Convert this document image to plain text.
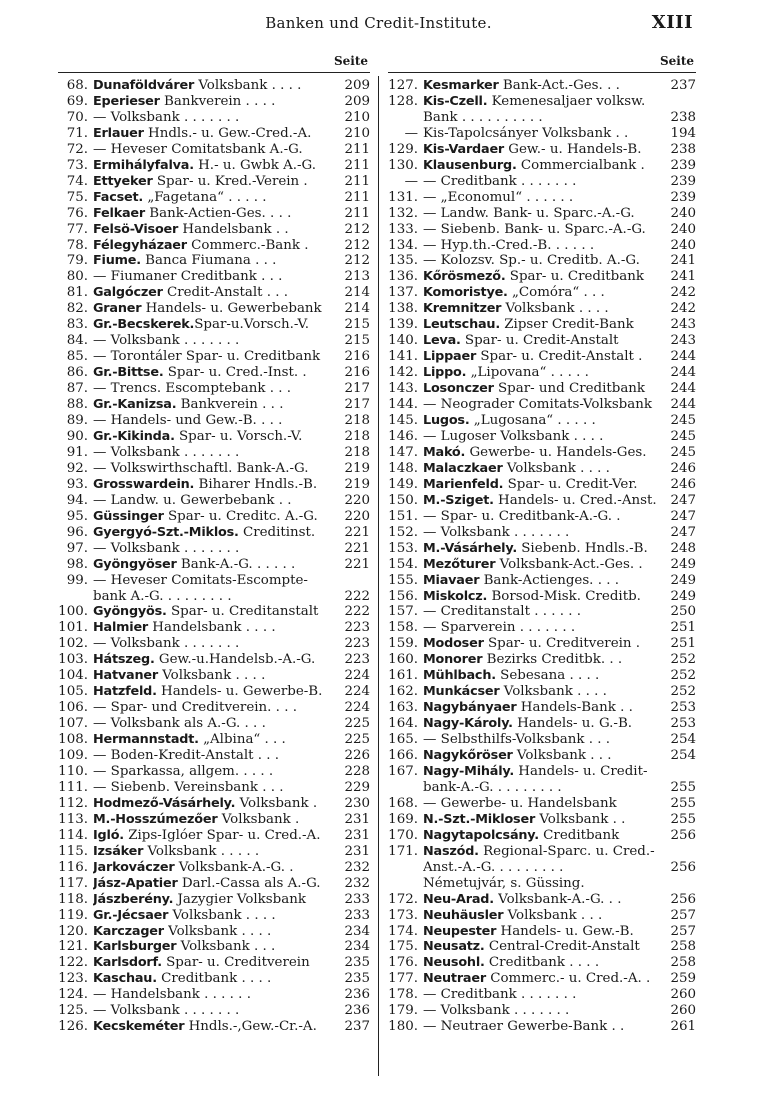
Banken und Credit-Institute.	XIII
Seite
68. Dunaföldvárer Volksbank . . . .	209
69. Eperieser Bankverein . . . .	209
70. — Volksbank . . . . . . .	210
71. Erlauer Hndls.- u. Gew.-Cred.-A.	210
72. — Heveser Comitatsbank A.-G.	211
73. Ermihályfalva. H.- u. Gwbk A.-G.	211
74. Ettyeker Spar- u. Kred.-Verein .	211
75. Facset. „Fagetana“ . . . . .	211
76. Felkaer Bank-Actien-Ges. . . .	211
77. Felsö-Visoer Handelsbank . .	212
78. Félegyházaer Commerc.-Bank .	212
79. Fiume. Banca Fiumana . . .	212
80. — Fiumaner Creditbank . . .	213
81. Galgóczer Credit-Anstalt . . .	214
82. Graner Handels- u. Gewerbebank	214
83. Gr.-Becskerek.Spar-u.Vorsch.-V.	215
84. — Volksbank . . . . . . .	215
85. — Torontáler Spar- u. Creditbank	216
86. Gr.-Bittse. Spar- u. Cred.-Inst. .	216
87. — Trencs. Escomptebank . . .	217
88. Gr.-Kanizsa. Bankverein . . .	217
89. — Handels- und Gew.-B. . . .	218
90. Gr.-Kikinda. Spar- u. Vorsch.-V.	218
91. — Volksbank . . . . . . .	218
92. — Volkswirthschaftl. Bank-A.-G.	219
93. Grosswardein. Biharer Hndls.-B.	219
94. — Landw. u. Gewerbebank . .	220
95. Güssinger Spar- u. Creditc. A.-G.	220
96. Gyergyó-Szt.-Miklos. Creditinst.	221
97. — Volksbank . . . . . . .	221
98. Gyöngyöser Bank-A.-G. . . . . .	221
99. — Heveser Comitats-Escompte-
bank A.-G. . . . . . . . .	222
100. Gyöngyös. Spar- u. Creditanstalt	222
101. Halmier Handelsbank . . . .	223
102. — Volksbank . . . . . . .	223
103. Hátszeg. Gew.-u.Handelsb.-A.-G.	223
104. Hatvaner Volksbank . . . .	224
105. Hatzfeld. Handels- u. Gewerbe-B.	224
106. — Spar- und Creditverein. . . .	224
107. — Volksbank als A.-G. . . .	225
108. Hermannstadt. „Albina“ . . .	225
109. — Boden-Kredit-Anstalt . . .	226
110. — Sparkassa, allgem. . . . .	228
111. — Siebenb. Vereinsbank . . .	229
112. Hodmező-Vásárhely. Volksbank .	230
113. M.-Hosszúmezőer Volksbank .	231
114. Igló. Zips-Iglóer Spar- u. Cred.-A.	231
115. Izsáker Volksbank . . . . .	231
116. Jarkováczer Volksbank-A.-G. .	232
117. Jász-Apatier Darl.-Cassa als A.-G.	232
118. Jászberény. Jazygier Volksbank	233
119. Gr.-Jécsaer Volksbank . . . .	233
120. Karczager Volksbank . . . .	234
121. Karlsburger Volksbank . . .	234
122. Karlsdorf. Spar- u. Creditverein	235
123. Kaschau. Creditbank . . . .	235
124. — Handelsbank . . . . . .	236
125. — Volksbank . . . . . . .	236
126. Kecskeméter Hndls.-,Gew.-Cr.-A.	237
Seite
127. Kesmarker Bank-Act.-Ges. . .	237
128. Kis-Czell. Kemenesaljaer volksw.
Bank . . . . . . . . . .	238
— Kis-Tapolcsányer Volksbank . .	194
129. Kis-Vardaer Gew.- u. Handels-B.	238
130. Klausenburg. Commercialbank .	239
— — Creditbank . . . . . . .	239
131. — „Economul“ . . . . . .	239
132. — Landw. Bank- u. Sparc.-A.-G.	240
133. — Siebenb. Bank- u. Sparc.-A.-G.	240
134. — Hyp.th.-Cred.-B. . . . . .	240
135. — Kolozsv. Sp.- u. Creditb. A.-G.	241
136. Kőrösmező. Spar- u. Creditbank	241
137. Komoristye. „Comóra“ . . .	242
138. Kremnitzer Volksbank . . . .	242
139. Leutschau. Zipser Credit-Bank	243
140. Leva. Spar- u. Credit-Anstalt	243
141. Lippaer Spar- u. Credit-Anstalt .	244
142. Lippo. „Lipovana“ . . . . .	244
143. Losonczer Spar- und Creditbank	244
144. — Neograder Comitats-Volksbank	244
145. Lugos. „Lugosana“ . . . . .	245
146. — Lugoser Volksbank . . . .	245
147. Makó. Gewerbe- u. Handels-Ges.	245
148. Malaczkaer Volksbank . . . .	246
149. Marienfeld. Spar- u. Credit-Ver.	246
150. M.-Sziget. Handels- u. Cred.-Anst.	247
151. — Spar- u. Creditbank-A.-G. .	247
152. — Volksbank . . . . . . .	247
153. M.-Vásárhely. Siebenb. Hndls.-B.	248
154. Mezőturer Volksbank-Act.-Ges. .	249
155. Miavaer Bank-Actienges. . . .	249
156. Miskolcz. Borsod-Misk. Creditb.	249
157. — Creditanstalt . . . . . .	250
158. — Sparverein . . . . . . .	251
159. Modoser Spar- u. Creditverein .	251
160. Monorer Bezirks Creditbk. . .	252
161. Mühlbach. Sebesana . . . .	252
162. Munkácser Volksbank . . . .	252
163. Nagybányaer Handels-Bank . .	253
164. Nagy-Károly. Handels- u. G.-B.	253
165. — Selbsthilfs-Volksbank . . .	254
166. Nagykőröser Volksbank . . .	254
167. Nagy-Mihály. Handels- u. Credit-
bank-A.-G. . . . . . . . .	255
168. — Gewerbe- u. Handelsbank	255
169. N.-Szt.-Mikloser Volksbank . .	255
170. Nagytapolcsány. Creditbank	256
171. Naszód. Regional-Sparc. u. Cred.-
Anst.-A.-G. . . . . . . . .	256
Németujvár, s. Güssing.
172. Neu-Arad. Volksbank-A.-G. . .	256
173. Neuhäusler Volksbank . . .	257
174. Neupester Handels- u. Gew.-B.	257
175. Neusatz. Central-Credit-Anstalt	258
176. Neusohl. Creditbank . . . .	258
177. Neutraer Commerc.- u. Cred.-A. .	259
178. — Creditbank . . . . . . .	260
179. — Volksbank . . . . . . .	260
180. — Neutraer Gewerbe-Bank . .	261
